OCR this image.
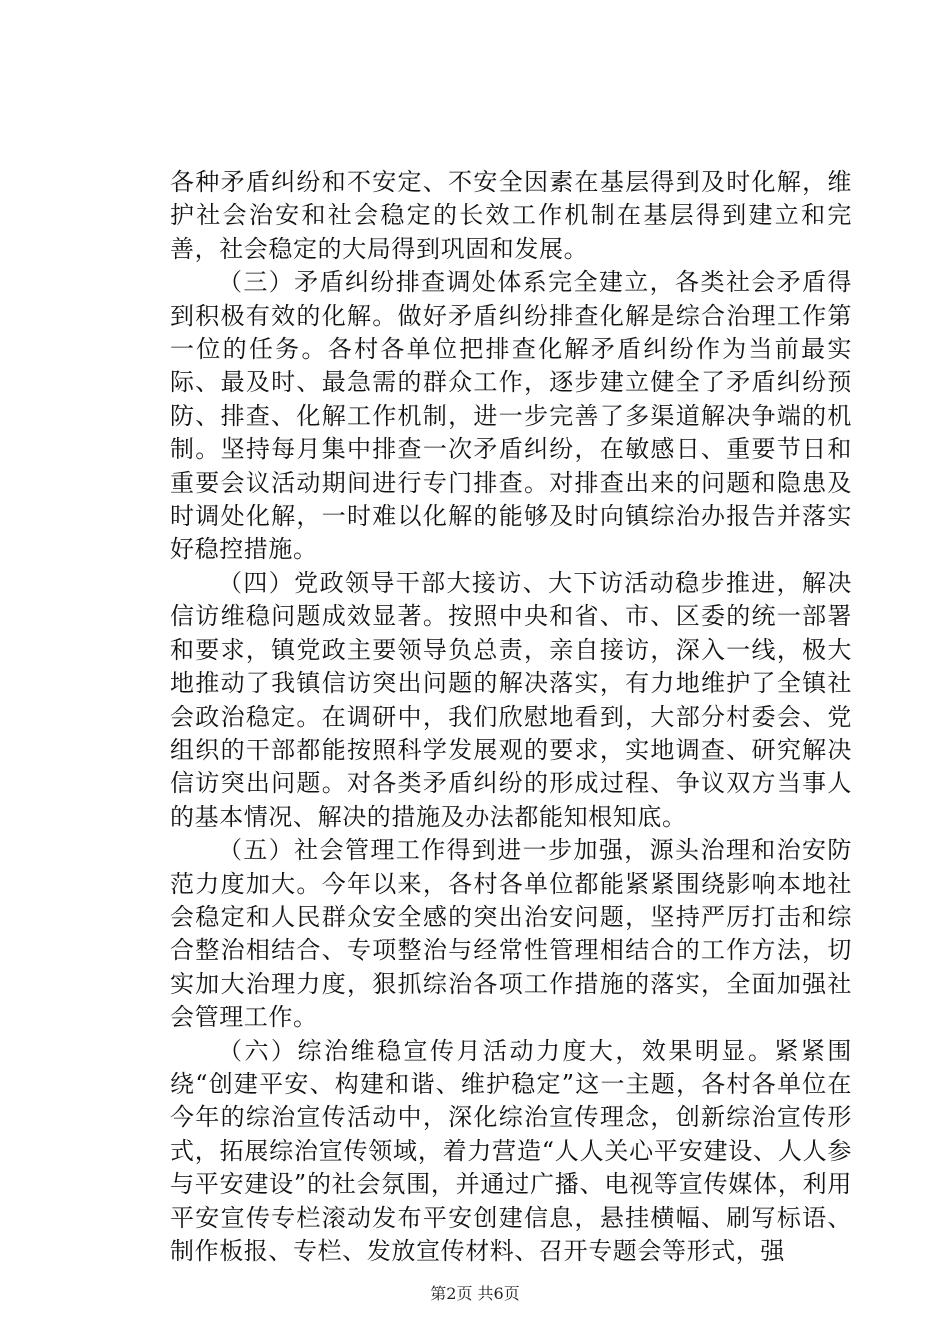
各种矛盾纠纷和不安定、不安全因素在基层得到及时化解，维护社会治安和社会稳定的长效工作机制在基层得到建立和完善，社会稳定的大局得到巩固和发展。

（三）矛盾纠纷排查调处体系完全建立，各类社会矛盾得到积极有效的化解。做好矛盾纠纷排查化解是综合治理工作第一位的任务。各村各单位把排查化解矛盾纠纷作为当前最实际、最及时、最急需的群众工作，逐步建立健全了矛盾纠纷预防、排查、化解工作机制，进一步完善了多渠道解决争端的机制。坚持每月集中排查一次矛盾纠纷，在敏感日、重要节日和重要会议活动期间进行专门排查。对排查出来的问题和隐患及时调处化解，一时难以化解的能够及时向镇综治办报告并落实好稳控措施。

（四）党政领导干部大接访、大下访活动稳步推进，解决信访维稳问题成效显著。按照中央和省、市、区委的统一部署和要求，镇党政主要领导负总责，亲自接访，深入一线，极大地推动了我镇信访突出问题的解决落实，有力地维护了全镇社会政治稳定。在调研中，我们欣慰地看到，大部分村委会、党组织的干部都能按照科学发展观的要求，实地调查、研究解决信访突出问题。对各类矛盾纠纷的形成过程、争议双方当事人的基本情况、解决的措施及办法都能知根知底。

（五）社会管理工作得到进一步加强，源头治理和治安防范力度加大。今年以来，各村各单位都能紧紧围绕影响本地社会稳定和人民群众安全感的突出治安问题，坚持严厉打击和综合整治相结合、专项整治与经常性管理相结合的工作方法，切实加大治理力度，狠抓综治各项工作措施的落实，全面加强社会管理工作。

（六）综治维稳宣传月活动力度大，效果明显。紧紧围绕“创建平安、构建和谐、维护稳定”这一主题，各村各单位在今年的综治宣传活动中，深化综治宣传理念，创新综治宣传形式，拓展综治宣传领域，着力营造“人人关心平安建设、人人参与平安建设”的社会氛围，并通过广播、电视等宣传媒体，利用平安宣传专栏滚动发布平安创建信息，悬挂横幅、刷写标语、制作板报、专栏、发放宣传材料、召开专题会等形式，强

第2页 共6页
